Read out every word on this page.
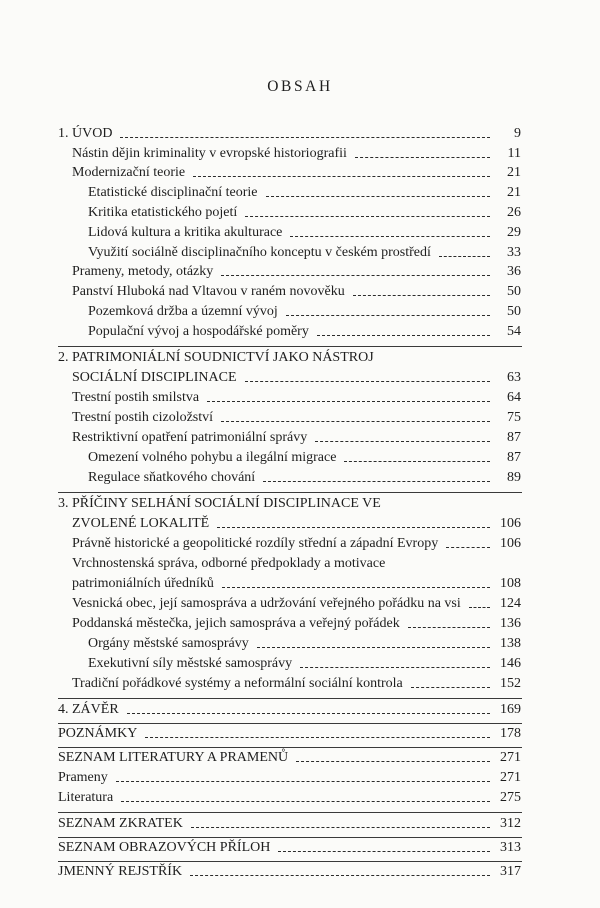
OBSAH
1. ÚVOD	9
Nástin dějin kriminality v evropské historiografii	11
Modernizační teorie	21
Etatistické disciplinační teorie	21
Kritika etatistického pojetí	26
Lidová kultura a kritika akulturace	29
Využití sociálně disciplinačního konceptu v českém prostředí	33
Prameny, metody, otázky	36
Panství Hluboká nad Vltavou v raném novověku	50
Pozemková držba a územní vývoj	50
Populační vývoj a hospodářské poměry	54
2. PATRIMONIÁLNÍ SOUDNICTVÍ JAKO NÁSTROJ
SOCIÁLNÍ DISCIPLINACE	63
Trestní postih smilstva	64
Trestní postih cizoložství	75
Restriktivní opatření patrimoniální správy	87
Omezení volného pohybu a ilegální migrace	87
Regulace sňatkového chování	89
3. PŘÍČINY SELHÁNÍ SOCIÁLNÍ DISCIPLINACE VE
ZVOLENÉ LOKALITĚ	106
Právně historické a geopolitické rozdíly střední a západní Evropy	106
Vrchnostenská správa, odborné předpoklady a motivace
patrimoniálních úředníků	108
Vesnická obec, její samospráva a udržování veřejného pořádku na vsi	124
Poddanská městečka, jejich samospráva a veřejný pořádek	136
Orgány městské samosprávy	138
Exekutivní síly městské samosprávy	146
Tradiční pořádkové systémy a neformální sociální kontrola	152
4. ZÁVĚR	169
POZNÁMKY	178
SEZNAM LITERATURY A PRAMENŮ	271
Prameny	271
Literatura	275
SEZNAM ZKRATEK	312
SEZNAM OBRAZOVÝCH PŘÍLOH	313
JMENNÝ REJSTŘÍK	317
